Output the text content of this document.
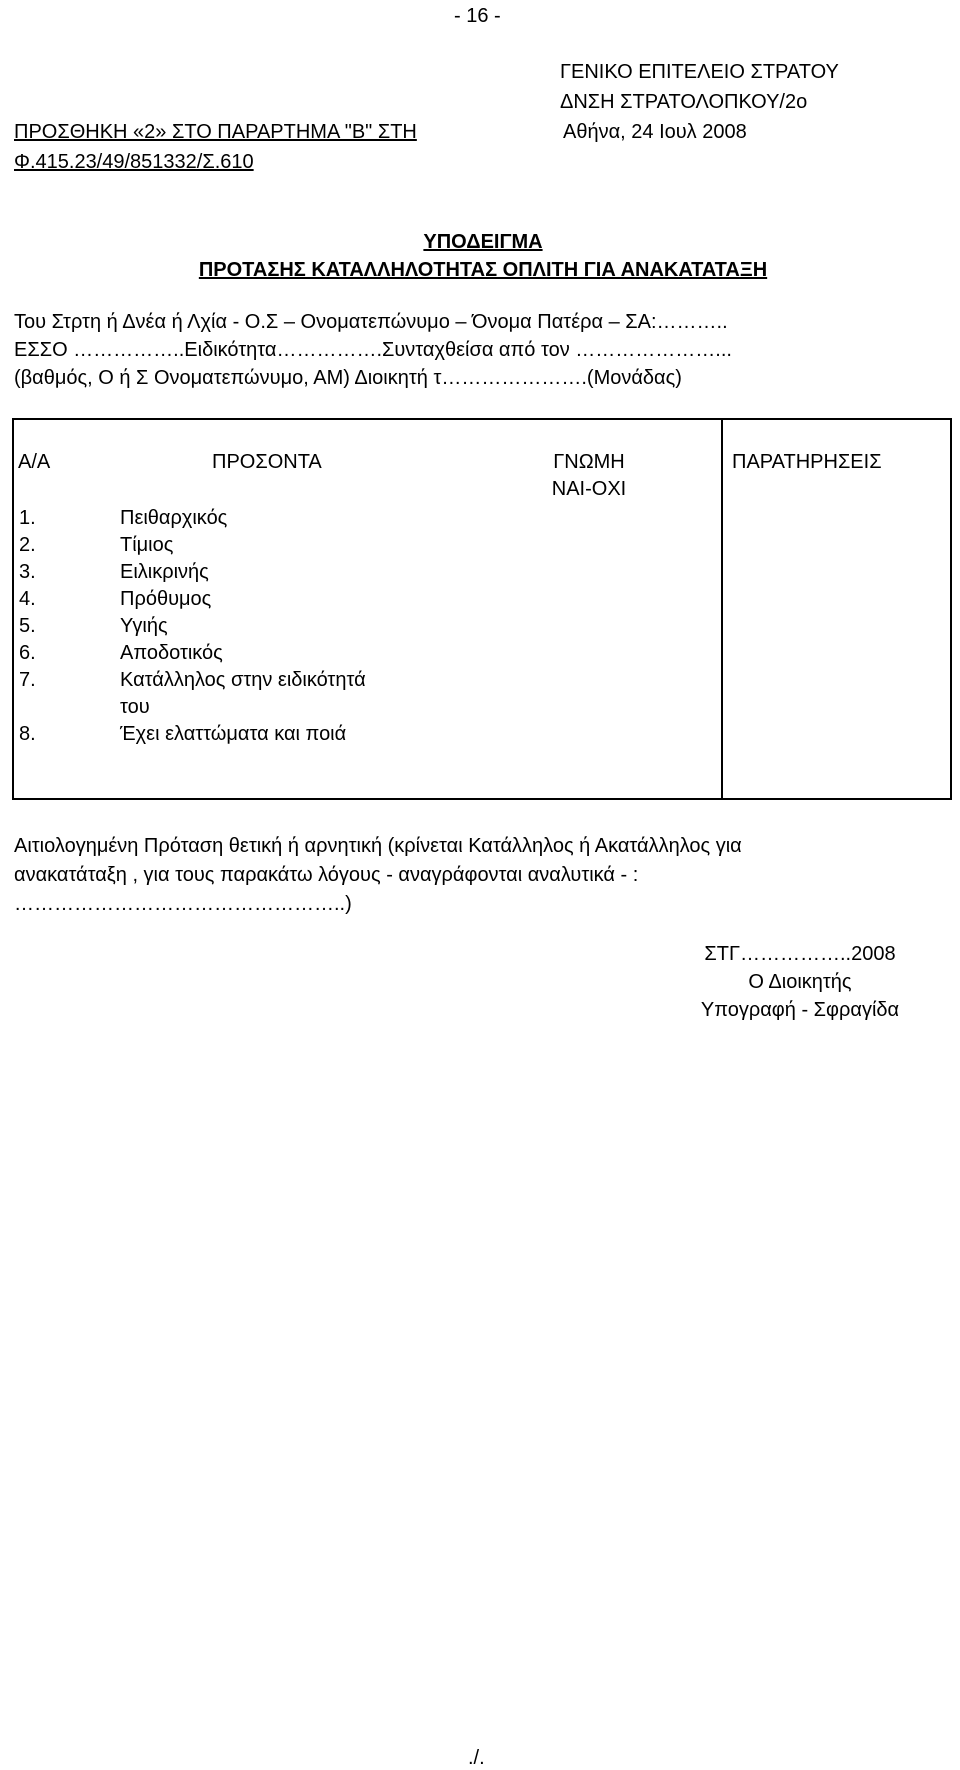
- 16 -
ΓΕΝΙΚΟ ΕΠΙΤΕΛΕΙΟ ΣΤΡΑΤΟΥ
ΔΝΣΗ ΣΤΡΑΤΟΛΟΠΚΟΥ/2ο
ΠΡΟΣΘΗΚΗ «2» ΣΤΟ ΠΑΡΑΡΤΗΜΑ "Β" ΣΤΗ	Αθήνα, 24 Ιουλ 2008
Φ.415.23/49/851332/Σ.610
ΥΠΟΔΕΙΓΜΑ
ΠΡΟΤΑΣΗΣ ΚΑΤΑΛΛΗΛΟΤΗΤΑΣ ΟΠΛΙΤΗ ΓΙΑ ΑΝΑΚΑΤΑΤΑΞΗ
Του Στρτη ή Δνέα ή Λχία - Ο.Σ – Ονοματεπώνυμο – Όνομα Πατέρα – ΣΑ:………..
ΕΣΣΟ ……………..Ειδικότητα…………….Συνταχθείσα από τον …………………...
(βαθμός, Ο ή Σ Ονοματεπώνυμο, ΑΜ) Διοικητή τ………………….(Μονάδας)
Α/Α	ΠΡΟΣΟΝΤΑ	ΓΝΩΜΗ
ΝΑΙ-ΟΧΙ
ΠΑΡΑΤΗΡΗΣΕΙΣ
1.	Πειθαρχικός
2.	Τίμιος
3.	Ειλικρινής
4.	Πρόθυμος
5.	Υγιής
6.	Αποδοτικός
7.	Κατάλληλος στην ειδικότητά
του
8.	Έχει ελαττώματα και ποιά
Αιτιολογημένη Πρόταση θετική ή αρνητική (κρίνεται Κατάλληλος ή Ακατάλληλος για
ανακατάταξη , για τους παρακάτω λόγους - αναγράφονται αναλυτικά - :
…………………………………………..)
ΣΤΓ……………..2008
Ο Διοικητής
Υπογραφή - Σφραγίδα
./.
